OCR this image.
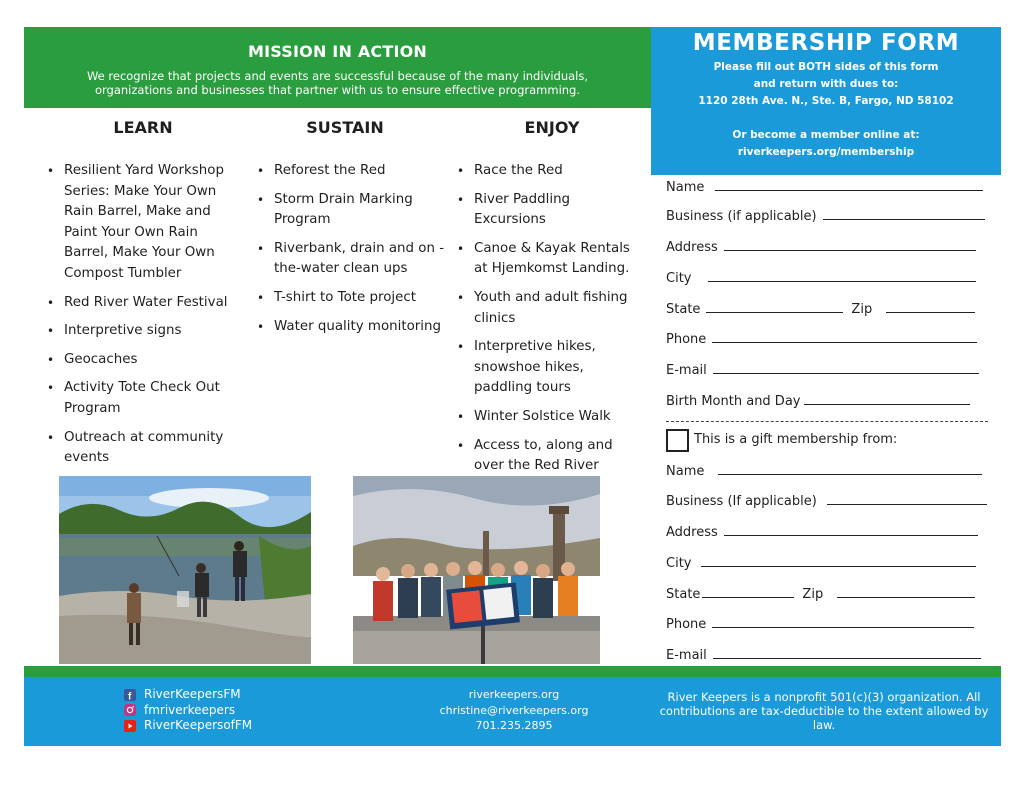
MISSION IN ACTION

We recognize that projects and events are successful because of the many individuals, organizations and businesses that partner with us to ensure effective programming.

MEMBERSHIP FORM
Please fill out BOTH sides of this form
and return with dues to:
1120 28th Ave. N., Ste. B, Fargo, ND 58102
Or become a member online at:
riverkeepers.org/membership
LEARN
• Resilient Yard Workshop Series: Make Your Own Rain Barrel, Make and Paint Your Own Rain Barrel, Make Your Own Compost Tumbler
• Red River Water Festival
• Interpretive signs
• Geocaches
• Activity Tote Check Out Program
• Outreach at community events
SUSTAIN
• Reforest the Red
• Storm Drain Marking Program
• Riverbank, drain and on -the-water clean ups
• T-shirt to Tote project
• Water quality monitoring
ENJOY
• Race the Red
• River Paddling Excursions
• Canoe & Kayak Rentals at Hjemkomst Landing.
• Youth and adult fishing clinics
• Interpretive hikes, snowshoe hikes, paddling tours
• Winter Solstice Walk
• Access to, along and over the Red River
Name
Business (if applicable)
Address
City
State	Zip
Phone
E-mail
Birth Month and Day
This is a gift membership from:
Name
Business (If applicable)
Address
City
State	Zip
Phone
E-mail
f RiverKeepersFM
fmriverkeepers
RiverKeepersofFM
riverkeepers.org
christine@riverkeepers.org
701.235.2895
River Keepers is a nonprofit 501(c)(3) organization. All contributions are tax-deductible to the extent allowed by law.
